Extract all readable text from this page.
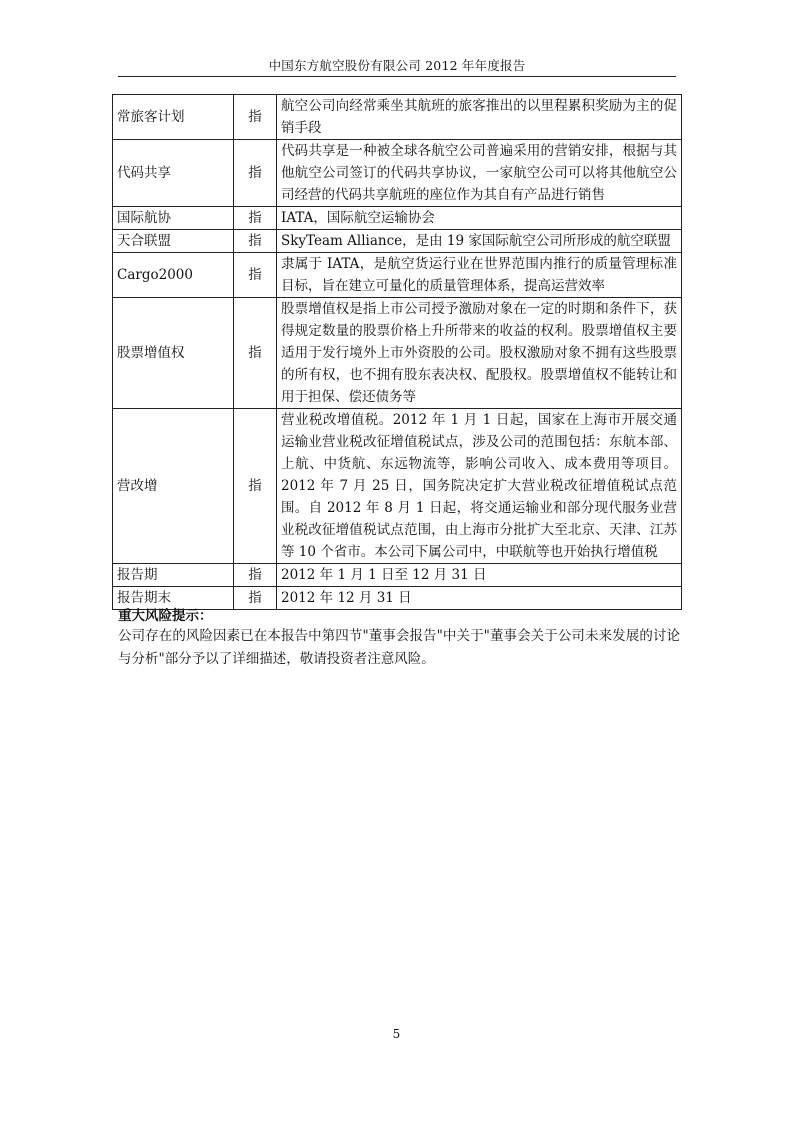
中国东方航空股份有限公司 2012 年年度报告
常旅客计划	指	航空公司向经常乘坐其航班的旅客推出的以里程累积奖励为主的促销手段
代码共享	指	代码共享是一种被全球各航空公司普遍采用的营销安排，根据与其他航空公司签订的代码共享协议，一家航空公司可以将其他航空公司经营的代码共享航班的座位作为其自有产品进行销售
国际航协	指	IATA，国际航空运输协会
天合联盟	指	SkyTeam Alliance，是由 19 家国际航空公司所形成的航空联盟
Cargo2000	指	隶属于 IATA，是航空货运行业在世界范围内推行的质量管理标准目标，旨在建立可量化的质量管理体系，提高运营效率
股票增值权	指	股票增值权是指上市公司授予激励对象在一定的时期和条件下，获得规定数量的股票价格上升所带来的收益的权利。股票增值权主要适用于发行境外上市外资股的公司。股权激励对象不拥有这些股票的所有权，也不拥有股东表决权、配股权。股票增值权不能转让和用于担保、偿还债务等
营改增	指	营业税改增值税。2012 年 1 月 1 日起，国家在上海市开展交通运输业营业税改征增值税试点，涉及公司的范围包括：东航本部、上航、中货航、东远物流等，影响公司收入、成本费用等项目。2012 年 7 月 25 日，国务院决定扩大营业税改征增值税试点范围。自 2012 年 8 月 1 日起，将交通运输业和部分现代服务业营业税改征增值税试点范围，由上海市分批扩大至北京、天津、江苏等 10 个省市。本公司下属公司中，中联航等也开始执行增值税
报告期	指	2012 年 1 月 1 日至 12 月 31 日
报告期末	指	2012 年 12 月 31 日
重大风险提示：
公司存在的风险因素已在本报告中第四节"董事会报告"中关于"董事会关于公司未来发展的讨论与分析"部分予以了详细描述，敬请投资者注意风险。
5
